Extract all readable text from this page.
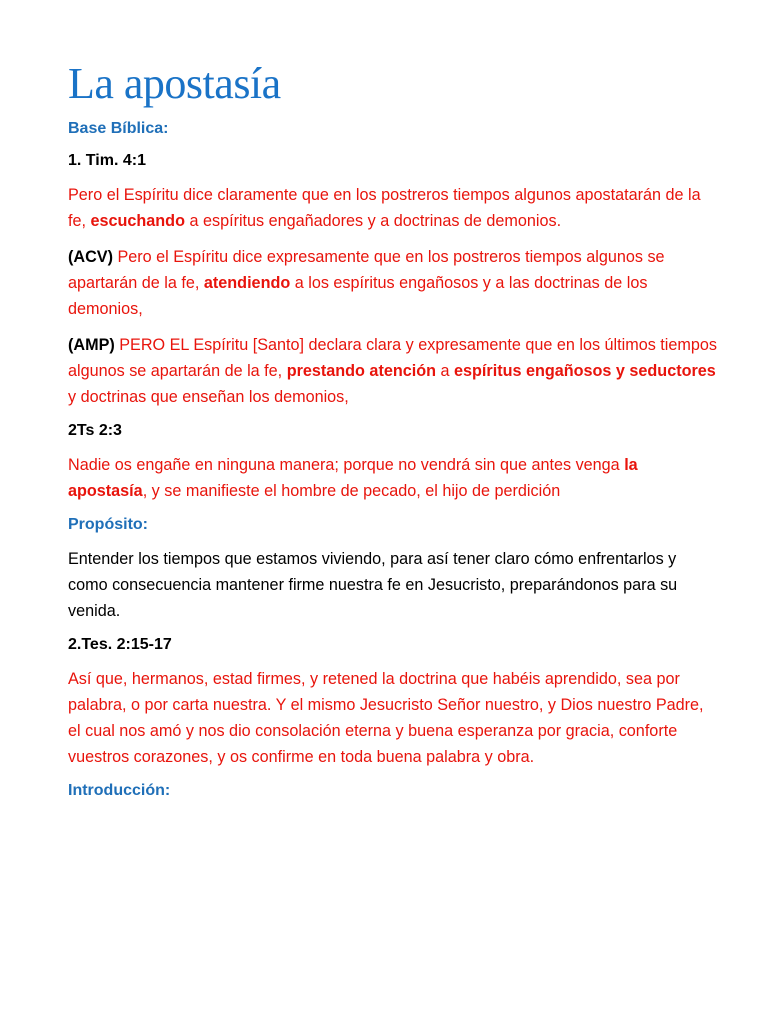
La apostasía
Base Bíblica:
1. Tim. 4:1

Pero el Espíritu dice claramente que en los postreros tiempos algunos apostatarán de la fe, escuchando a espíritus engañadores y a doctrinas de demonios.

(ACV) Pero el Espíritu dice expresamente que en los postreros tiempos algunos se apartarán de la fe, atendiendo a los espíritus engañosos y a las doctrinas de los demonios,

(AMP) PERO EL Espíritu [Santo] declara clara y expresamente que en los últimos tiempos algunos se apartarán de la fe, prestando atención a espíritus engañosos y seductores y doctrinas que enseñan los demonios,

2Ts 2:3

Nadie os engañe en ninguna manera; porque no vendrá sin que antes venga la apostasía, y se manifieste el hombre de pecado, el hijo de perdición

Propósito:

Entender los tiempos que estamos viviendo, para así tener claro cómo enfrentarlos y como consecuencia mantener firme nuestra fe en Jesucristo, preparándonos para su venida.

2.Tes. 2:15-17

Así que, hermanos, estad firmes, y retened la doctrina que habéis aprendido, sea por palabra, o por carta nuestra. Y el mismo Jesucristo Señor nuestro, y Dios nuestro Padre, el cual nos amó y nos dio consolación eterna y buena esperanza por gracia, conforte vuestros corazones, y os confirme en toda buena palabra y obra.

Introducción:
